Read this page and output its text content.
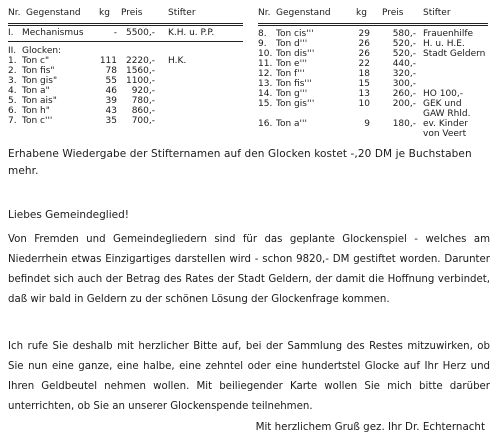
Nr. Gegenstand kg Preis	Stifter
I. Mechanismus	- 5500,- K.H. u. P.P.
II. Glocken:
1. Ton c"	111 2220,- H.K.
2. Ton fis"	78 1560,-
3. Ton gis"	55 1100,-
4. Ton a"	46 920,-
5. Ton ais"	39 780,-
6. Ton h"	43 860,-
7. Ton c'''	35 700,-
Nr. Gegenstand	kg Preis Stifter
8. Ton cis'''	29	580,- Frauenhilfe
9. Ton d'''	26	520,- H. u. H.E.
10. Ton dis'''	26	520,- Stadt Geldern
11. Ton e'''	22	440,-
12. Ton f'''	18	320,-
13. Ton fis'''	15	300,-
14. Ton g'''	13	260,- HO 100,-
15. Ton gis'''	10	200,- GEK und
GAW Rhld.
16. Ton a'''	9	180,- ev. Kinder
von Veert
Erhabene Wiedergabe der Stifternamen auf den Glocken kostet -,20 DM je Buchstaben mehr.
Liebes Gemeindeglied!
Von Fremden und Gemeindegliedern sind für das geplante Glockenspiel - welches am Niederrhein etwas Einzigartiges darstellen wird - schon 9820,- DM gestiftet worden. Darunter befindet sich auch der Betrag des Rates der Stadt Geldern, der damit die Hoffnung verbindet, daß wir bald in Geldern zu der schönen Lösung der Glockenfrage kommen.
Ich rufe Sie deshalb mit herzlicher Bitte auf, bei der Sammlung des Restes mitzuwirken, ob Sie nun eine ganze, eine halbe, eine zehntel oder eine hundertstel Glocke auf Ihr Herz und Ihren Geldbeutel nehmen wollen. Mit beiliegender Karte wollen Sie mich bitte darüber unterrichten, ob Sie an unserer Glockenspende teilnehmen.
Mit herzlichem Gruß gez. Ihr Dr. Echternacht
